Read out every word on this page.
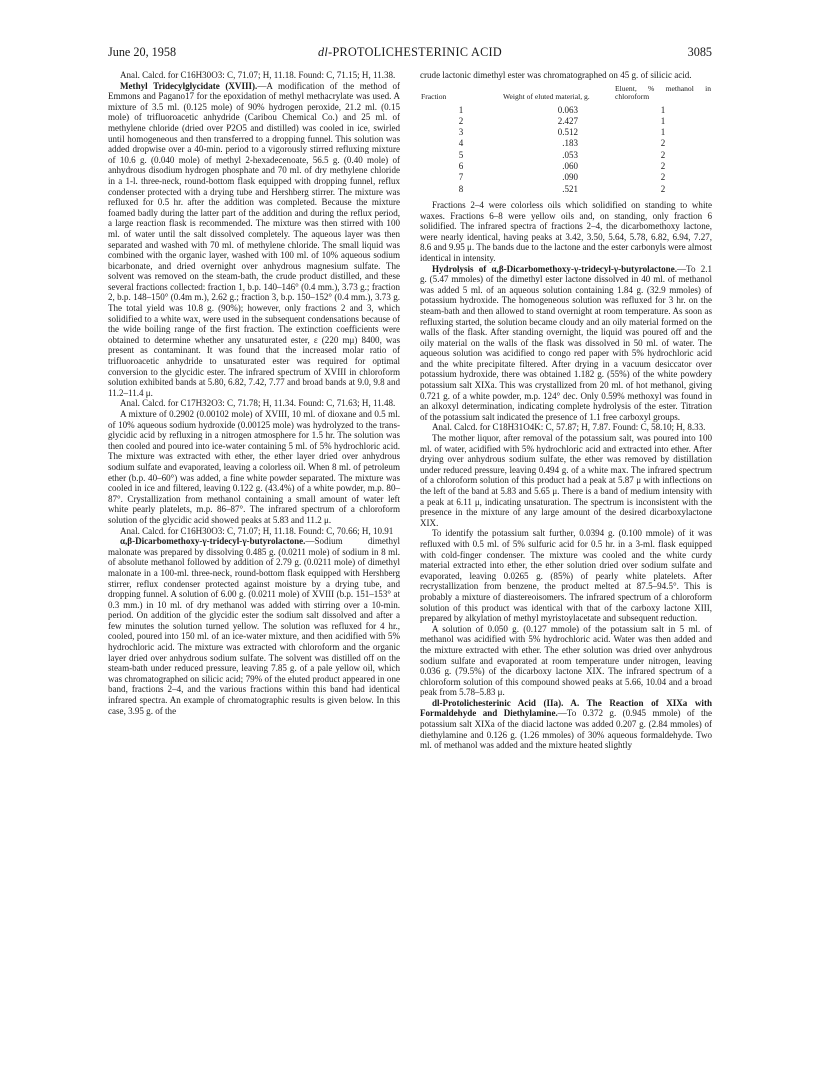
June 20, 1958	dl-PROTOLICHESTERINIC ACID	3085

Anal. Calcd. for C16H30O3: C, 71.07; H, 11.18. Found: C, 71.15; H, 11.38.

Methyl Tridecylglycidate (XVIII).—A modification of the method of Emmons and Pagano17 for the epoxidation of methyl methacrylate was used. A mixture of 3.5 ml. (0.125 mole) of 90% hydrogen peroxide, 21.2 ml. (0.15 mole) of trifluoroacetic anhydride (Caribou Chemical Co.) and 25 ml. of methylene chloride (dried over P2O5 and distilled) was cooled in ice, swirled until homogeneous and then transferred to a dropping funnel. This solution was added dropwise over a 40-min. period to a vigorously stirred refluxing mixture of 10.6 g. (0.040 mole) of methyl 2-hexadecenoate, 56.5 g. (0.40 mole) of anhydrous disodium hydrogen phosphate and 70 ml. of dry methylene chloride in a 1-l. three-neck, round-bottom flask equipped with dropping funnel, reflux condenser protected with a drying tube and Hershberg stirrer. The mixture was refluxed for 0.5 hr. after the addition was completed. Because the mixture foamed badly during the latter part of the addition and during the reflux period, a large reaction flask is recommended. The mixture was then stirred with 100 ml. of water until the salt dissolved completely. The aqueous layer was then separated and washed with 70 ml. of methylene chloride. The small liquid was combined with the organic layer, washed with 100 ml. of 10% aqueous sodium bicarbonate, and dried overnight over anhydrous magnesium sulfate. The solvent was removed on the steam-bath, the crude product distilled, and these several fractions collected: fraction 1, b.p. 140–146° (0.4 mm.), 3.73 g.; fraction 2, b.p. 148–150° (0.4m m.), 2.62 g.; fraction 3, b.p. 150–152° (0.4 mm.), 3.73 g. The total yield was 10.8 g. (90%); however, only fractions 2 and 3, which solidified to a white wax, were used in the subsequent condensations because of the wide boiling range of the first fraction. The extinction coefficients were obtained to determine whether any unsaturated ester, ε (220 mμ) 8400, was present as contaminant. It was found that the increased molar ratio of trifluoroacetic anhydride to unsaturated ester was required for optimal conversion to the glycidic ester. The infrared spectrum of XVIII in chloroform solution exhibited bands at 5.80, 6.82, 7.42, 7.77 and broad bands at 9.0, 9.8 and 11.2–11.4 μ.

Anal. Calcd. for C17H32O3: C, 71.78; H, 11.34. Found: C, 71.63; H, 11.48.

A mixture of 0.2902 (0.00102 mole) of XVIII, 10 ml. of dioxane and 0.5 ml. of 10% aqueous sodium hydroxide (0.00125 mole) was hydrolyzed to the trans-glycidic acid by refluxing in a nitrogen atmosphere for 1.5 hr. The solution was then cooled and poured into ice-water containing 5 ml. of 5% hydrochloric acid. The mixture was extracted with ether, the ether layer dried over anhydrous sodium sulfate and evaporated, leaving a colorless oil. When 8 ml. of petroleum ether (b.p. 40–60°) was added, a fine white powder separated. The mixture was cooled in ice and filtered, leaving 0.122 g. (43.4%) of a white powder, m.p. 80–87°. Crystallization from methanol containing a small amount of water left white pearly platelets, m.p. 86–87°. The infrared spectrum of a chloroform solution of the glycidic acid showed peaks at 5.83 and 11.2 μ.

Anal. Calcd. for C16H30O3: C, 71.07; H, 11.18. Found: C, 70.66; H, 10.91

α,β-Dicarbomethoxy-γ-tridecyl-γ-butyrolactone.—Sodium dimethyl malonate was prepared by dissolving 0.485 g. (0.0211 mole) of sodium in 8 ml. of absolute methanol followed by addition of 2.79 g. (0.0211 mole) of dimethyl malonate in a 100-ml. three-neck, round-bottom flask equipped with Hershberg stirrer, reflux condenser protected against moisture by a drying tube, and dropping funnel. A solution of 6.00 g. (0.0211 mole) of XVIII (b.p. 151–153° at 0.3 mm.) in 10 ml. of dry methanol was added with stirring over a 10-min. period. On addition of the glycidic ester the sodium salt dissolved and after a few minutes the solution turned yellow. The solution was refluxed for 4 hr., cooled, poured into 150 ml. of an ice-water mixture, and then acidified with 5% hydrochloric acid. The mixture was extracted with chloroform and the organic layer dried over anhydrous sodium sulfate. The solvent was distilled off on the steam-bath under reduced pressure, leaving 7.85 g. of a pale yellow oil, which was chromatographed on silicic acid; 79% of the eluted product appeared in one band, fractions 2–4, and the various fractions within this band had identical infrared spectra. An example of chromatographic results is given below. In this case, 3.95 g. of the

crude lactonic dimethyl ester was chromatographed on 45 g. of silicic acid.

Fraction	Weight of eluted material, g.	Eluent, % methanol in chloroform
1	0.063	1
2	2.427	1
3	0.512	1
4	.183	2
5	.053	2
6	.060	2
7	.090	2
8	.521	2

Fractions 2–4 were colorless oils which solidified on standing to white waxes. Fractions 6–8 were yellow oils and, on standing, only fraction 6 solidified. The infrared spectra of fractions 2–4, the dicarbomethoxy lactone, were nearly identical, having peaks at 3.42, 3.50, 5.64, 5.78, 6.82, 6.94, 7.27, 8.6 and 9.95 μ. The bands due to the lactone and the ester carbonyls were almost identical in intensity.

Hydrolysis of α,β-Dicarbomethoxy-γ-tridecyl-γ-butyrolactone.—To 2.1 g. (5.47 mmoles) of the dimethyl ester lactone dissolved in 40 ml. of methanol was added 5 ml. of an aqueous solution containing 1.84 g. (32.9 mmoles) of potassium hydroxide. The homogeneous solution was refluxed for 3 hr. on the steam-bath and then allowed to stand overnight at room temperature. As soon as refluxing started, the solution became cloudy and an oily material formed on the walls of the flask. After standing overnight, the liquid was poured off and the oily material on the walls of the flask was dissolved in 50 ml. of water. The aqueous solution was acidified to congo red paper with 5% hydrochloric acid and the white precipitate filtered. After drying in a vacuum desiccator over potassium hydroxide, there was obtained 1.182 g. (55%) of the white powdery potassium salt XIXa. This was crystallized from 20 ml. of hot methanol, giving 0.721 g. of a white powder, m.p. 124° dec. Only 0.59% methoxyl was found in an alkoxyl determination, indicating complete hydrolysis of the ester. Titration of the potassium salt indicated the presence of 1.1 free carboxyl groups.

Anal. Calcd. for C18H31O4K: C, 57.87; H, 7.87. Found: C, 58.10; H, 8.33.

The mother liquor, after removal of the potassium salt, was poured into 100 ml. of water, acidified with 5% hydrochloric acid and extracted into ether. After drying over anhydrous sodium sulfate, the ether was removed by distillation under reduced pressure, leaving 0.494 g. of a white max. The infrared spectrum of a chloroform solution of this product had a peak at 5.87 μ with inflections on the left of the band at 5.83 and 5.65 μ. There is a band of medium intensity with a peak at 6.11 μ, indicating unsaturation. The spectrum is inconsistent with the presence in the mixture of any large amount of the desired dicarboxylactone XIX.

To identify the potassium salt further, 0.0394 g. (0.100 mmole) of it was refluxed with 0.5 ml. of 5% sulfuric acid for 0.5 hr. in a 3-ml. flask equipped with cold-finger condenser. The mixture was cooled and the white curdy material extracted into ether, the ether solution dried over sodium sulfate and evaporated, leaving 0.0265 g. (85%) of pearly white platelets. After recrystallization from benzene, the product melted at 87.5–94.5°. This is probably a mixture of diastereoisomers. The infrared spectrum of a chloroform solution of this product was identical with that of the carboxy lactone XIII, prepared by alkylation of methyl myristoylacetate and subsequent reduction.

A solution of 0.050 g. (0.127 mmole) of the potassium salt in 5 ml. of methanol was acidified with 5% hydrochloric acid. Water was then added and the mixture extracted with ether. The ether solution was dried over anhydrous sodium sulfate and evaporated at room temperature under nitrogen, leaving 0.036 g. (79.5%) of the dicarboxy lactone XIX. The infrared spectrum of a chloroform solution of this compound showed peaks at 5.66, 10.04 and a broad peak from 5.78–5.83 μ.

dl-Protolichesterinic Acid (IIa). A. The Reaction of XIXa with Formaldehyde and Diethylamine.—To 0.372 g. (0.945 mmole) of the potassium salt XIXa of the diacid lactone was added 0.207 g. (2.84 mmoles) of diethylamine and 0.126 g. (1.26 mmoles) of 30% aqueous formaldehyde. Two ml. of methanol was added and the mixture heated slightly
